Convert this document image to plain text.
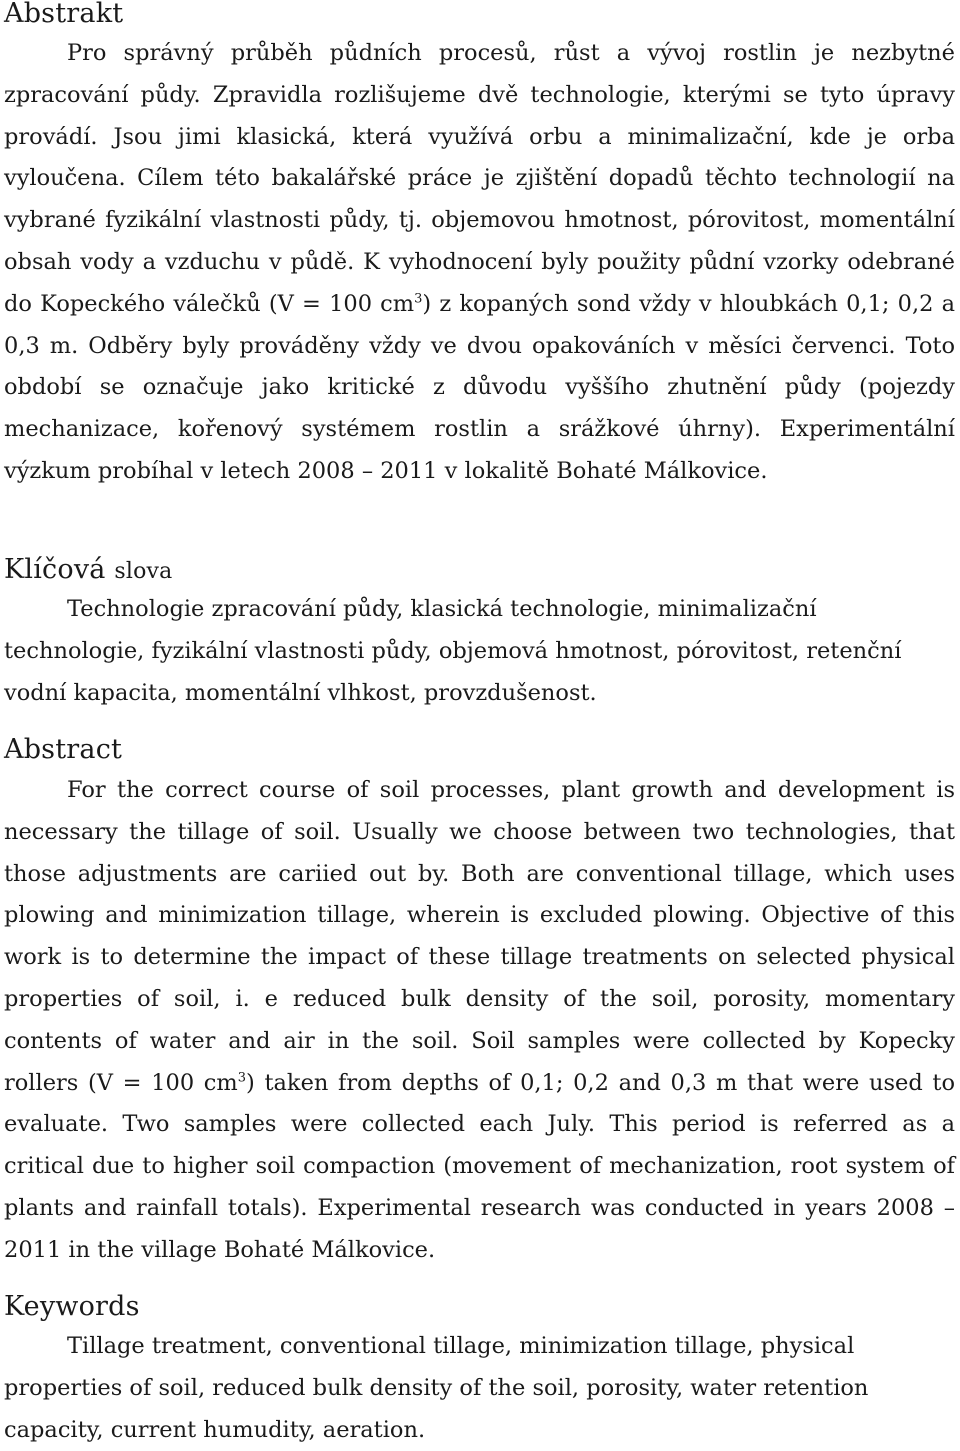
Abstrakt

Pro správný průběh půdních procesů, růst a vývoj rostlin je nezbytné zpracování půdy. Zpravidla rozlišujeme dvě technologie, kterými se tyto úpravy provádí. Jsou jimi klasická, která využívá orbu a minimalizační, kde je orba vyloučena. Cílem této bakalářské práce je zjištění dopadů těchto technologií na vybrané fyzikální vlastnosti půdy, tj. objemovou hmotnost, pórovitost, momentální obsah vody a vzduchu v půdě. K vyhodnocení byly použity půdní vzorky odebrané do Kopeckého válečků (V = 100 $cm^3$) z kopaných sond vždy v hloubkách 0,1; 0,2 a 0,3 m. Odběry byly prováděny vždy ve dvou opakováních v měsíci červenci. Toto období se označuje jako kritické z důvodu vyššího zhutnění půdy (pojezdy mechanizace, kořenový systémem rostlin a srážkové úhrny). Experimentální výzkum probíhal v letech 2008 – 2011 v lokalitě Bohaté Málkovice.

Klíčová slova

Technologie zpracování půdy, klasická technologie, minimalizační technologie, fyzikální vlastnosti půdy, objemová hmotnost, pórovitost, retenční vodní kapacita, momentální vlhkost, provzdušenost.

Abstract

For the correct course of soil processes, plant growth and development is necessary the tillage of soil. Usually we choose between two technologies, that those adjustments are cariied out by. Both are conventional tillage, which uses plowing and minimization tillage, wherein is excluded plowing. Objective of this work is to determine the impact of these tillage treatments on selected physical properties of soil, i. e reduced bulk density of the soil, porosity, momentary contents of water and air in the soil. Soil samples were collected by Kopecky rollers (V = 100 $cm^3$) taken from depths of 0,1; 0,2 and 0,3 m that were used to evaluate. Two samples were collected each July. This period is referred as a critical due to higher soil compaction (movement of mechanization, root system of plants and rainfall totals). Experimental research was conducted in years 2008 – 2011 in the village Bohaté Málkovice.

Keywords

Tillage treatment, conventional tillage, minimization tillage, physical properties of soil, reduced bulk density of the soil, porosity, water retention capacity, current humudity, aeration.
